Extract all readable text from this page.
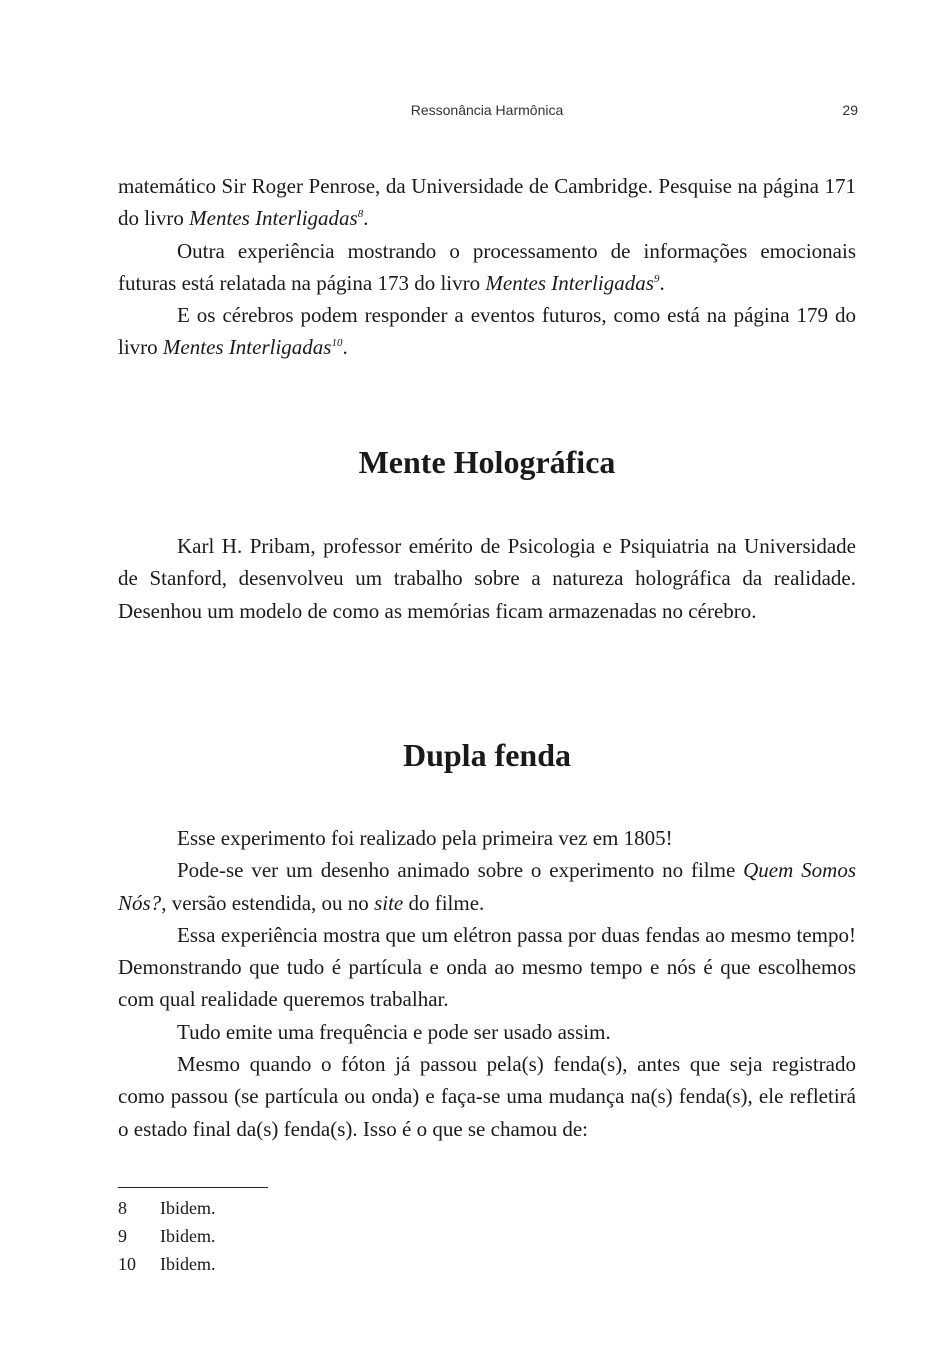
Ressonância Harmônica	29

matemático Sir Roger Penrose, da Universidade de Cambridge. Pesquise na página 171 do livro Mentes Interligadas$^8$.

Outra experiência mostrando o processamento de informações emocionais futuras está relatada na página 173 do livro Mentes Interligadas$^9$.

E os cérebros podem responder a eventos futuros, como está na página 179 do livro Mentes Interligadas$^{10}$.

Mente Holográfica

Karl H. Pribam, professor emérito de Psicologia e Psiquiatria na Universidade de Stanford, desenvolveu um trabalho sobre a natureza holográfica da realidade. Desenhou um modelo de como as memórias ficam armazenadas no cérebro.

Dupla fenda

Esse experimento foi realizado pela primeira vez em 1805!

Pode-se ver um desenho animado sobre o experimento no filme Quem Somos Nós?, versão estendida, ou no site do filme.

Essa experiência mostra que um elétron passa por duas fendas ao mesmo tempo! Demonstrando que tudo é partícula e onda ao mesmo tempo e nós é que escolhemos com qual realidade queremos trabalhar.

Tudo emite uma frequência e pode ser usado assim.

Mesmo quando o fóton já passou pela(s) fenda(s), antes que seja registrado como passou (se partícula ou onda) e faça-se uma mudança na(s) fenda(s), ele refletirá o estado final da(s) fenda(s). Isso é o que se chamou de:

8 Ibidem.
9 Ibidem.
10 Ibidem.
